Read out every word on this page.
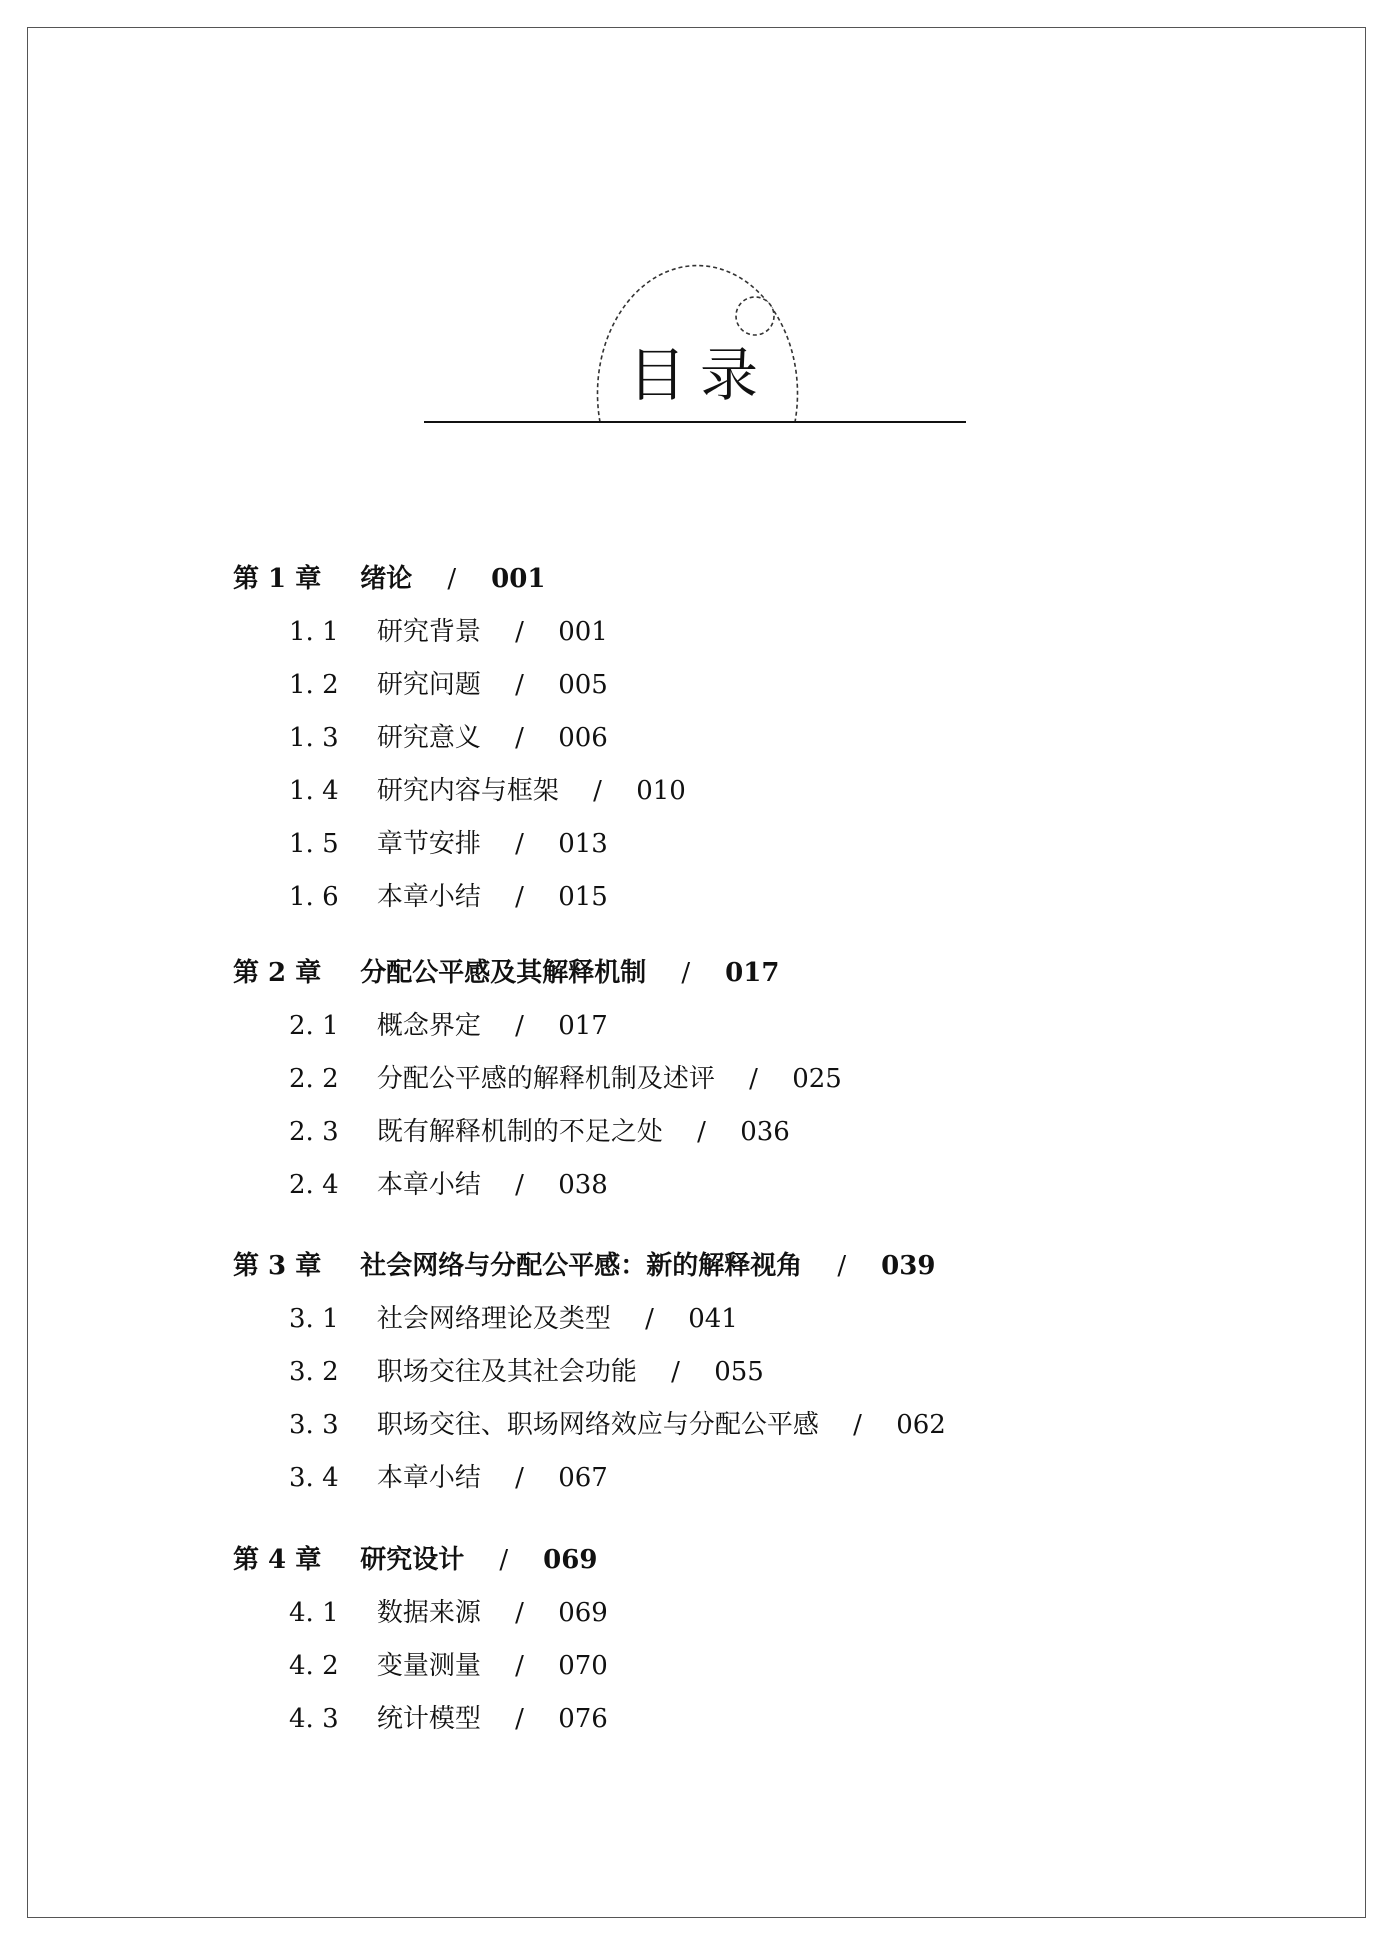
目录
第 1 章 绪论 / 001
1. 1 研究背景 / 001
1. 2 研究问题 / 005
1. 3 研究意义 / 006
1. 4 研究内容与框架 / 010
1. 5 章节安排 / 013
1. 6 本章小结 / 015
第 2 章 分配公平感及其解释机制 / 017
2. 1 概念界定 / 017
2. 2 分配公平感的解释机制及述评 / 025
2. 3 既有解释机制的不足之处 / 036
2. 4 本章小结 / 038
第 3 章 社会网络与分配公平感：新的解释视角 / 039
3. 1 社会网络理论及类型 / 041
3. 2 职场交往及其社会功能 / 055
3. 3 职场交往、职场网络效应与分配公平感 / 062
3. 4 本章小结 / 067
第 4 章 研究设计 / 069
4. 1 数据来源 / 069
4. 2 变量测量 / 070
4. 3 统计模型 / 076
